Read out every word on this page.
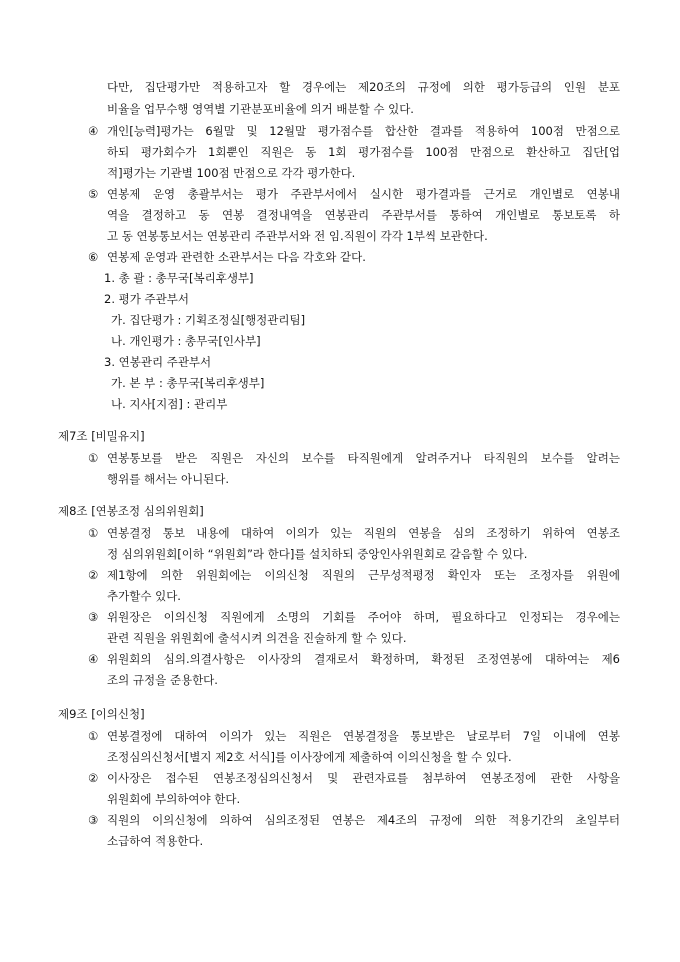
다만, 집단평가만 적용하고자 할 경우에는 제20조의 규정에 의한 평가등급의 인원 분포
비율을 업무수행 영역별 기관분포비율에 의거 배분할 수 있다.
④ 개인[능력]평가는 6월말 및 12월말 평가점수를 합산한 결과를 적용하여 100점 만점으로
하되 평가회수가 1회뿐인 직원은 동 1회 평가점수를 100점 만점으로 환산하고 집단[업
적]평가는 기관별 100점 만점으로 각각 평가한다.
⑤ 연봉제 운영 총괄부서는 평가 주관부서에서 실시한 평가결과를 근거로 개인별로 연봉내
역을 결정하고 동 연봉 결정내역을 연봉관리 주관부서를 통하여 개인별로 통보토록 하
고 동 연봉통보서는 연봉관리 주관부서와 전 임.직원이 각각 1부씩 보관한다.
⑥ 연봉제 운영과 관련한 소관부서는 다음 각호와 같다.
1. 총 괄 : 총무국[복리후생부]
2. 평가 주관부서
가. 집단평가 : 기획조정실[행정관리팀]
나. 개인평가 : 총무국[인사부]
3. 연봉관리 주관부서
가. 본 부 : 총무국[복리후생부]
나. 지사[지점] : 관리부
제7조 [비밀유지]
① 연봉통보를 받은 직원은 자신의 보수를 타직원에게 알려주거나 타직원의 보수를 알려는
행위를 해서는 아니된다.
제8조 [연봉조정 심의위원회]
① 연봉결정 통보 내용에 대하여 이의가 있는 직원의 연봉을 심의 조정하기 위하여 연봉조
정 심의위원회[이하 “위원회”라 한다]를 설치하되 중앙인사위원회로 갈음할 수 있다.
② 제1항에 의한 위원회에는 이의신청 직원의 근무성적평정 확인자 또는 조정자를 위원에
추가할수 있다.
③ 위원장은 이의신청 직원에게 소명의 기회를 주어야 하며, 필요하다고 인정되는 경우에는
관련 직원을 위원회에 출석시켜 의견을 진술하게 할 수 있다.
④ 위원회의 심의.의결사항은 이사장의 결재로서 확정하며, 확정된 조정연봉에 대하여는 제6
조의 규정을 준용한다.
제9조 [이의신청]
① 연봉결정에 대하여 이의가 있는 직원은 연봉결정을 통보받은 날로부터 7일 이내에 연봉
조정심의신청서[별지 제2호 서식]를 이사장에게 제출하여 이의신청을 할 수 있다.
② 이사장은 접수된 연봉조정심의신청서 및 관련자료를 첨부하여 연봉조정에 관한 사항을
위원회에 부의하여야 한다.
③ 직원의 이의신청에 의하여 심의조정된 연봉은 제4조의 규정에 의한 적용기간의 초일부터
소급하여 적용한다.
